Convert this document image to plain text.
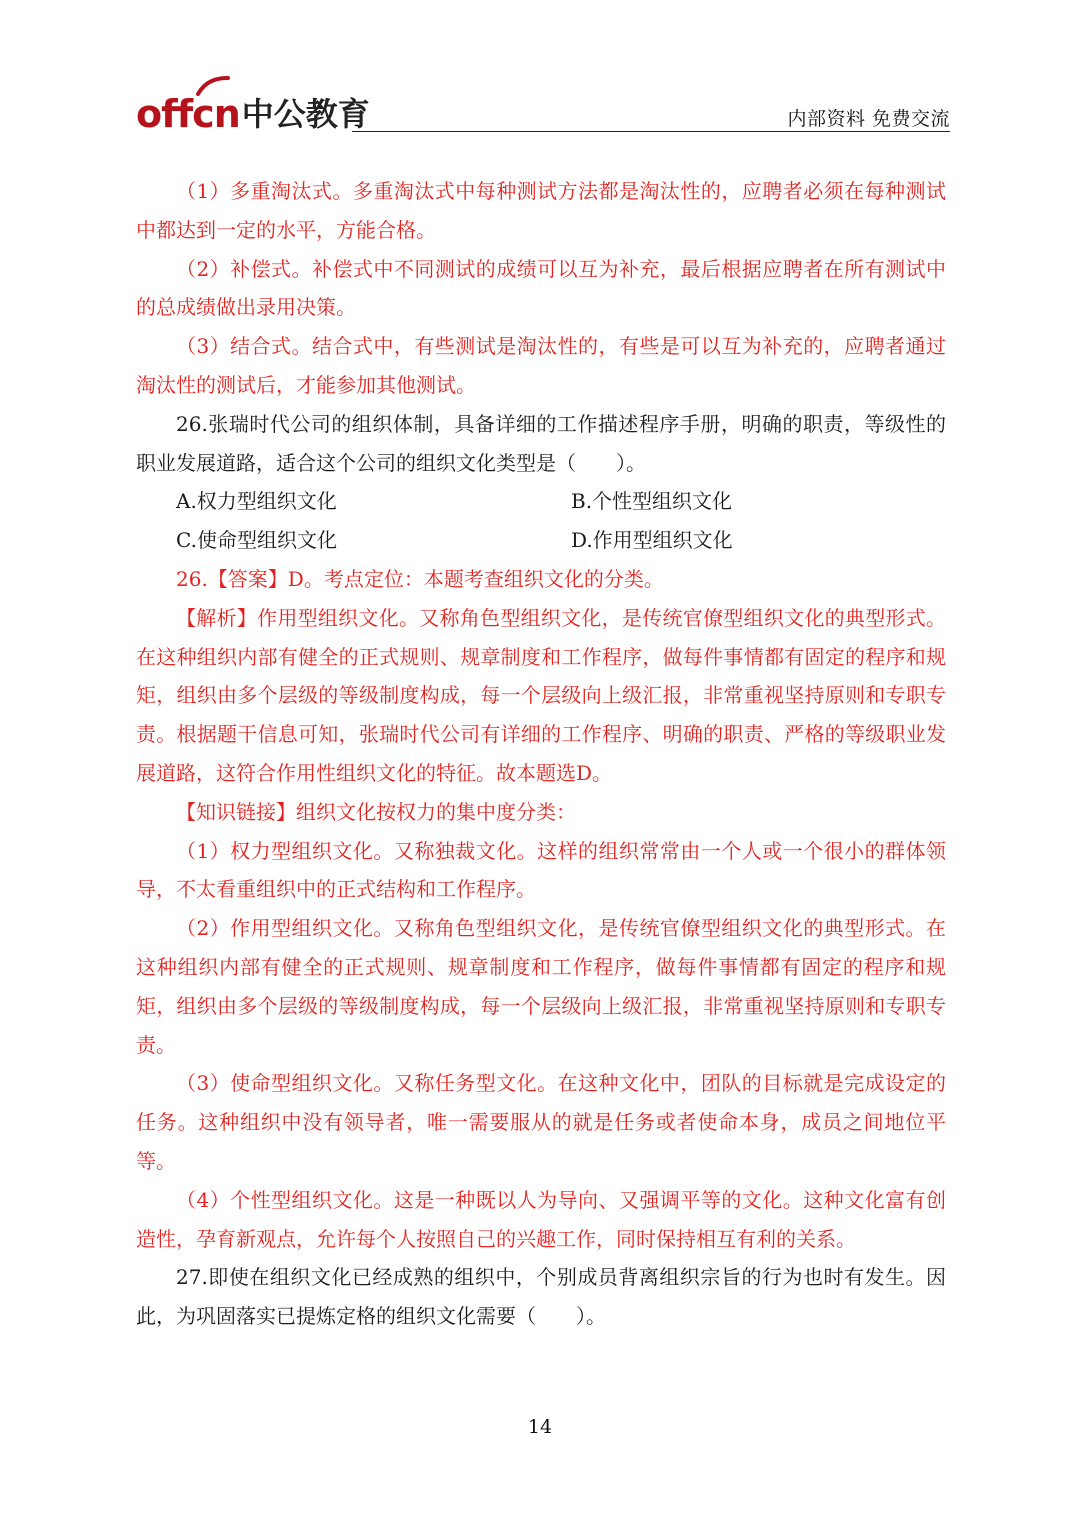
offcn 中公教育	内部资料 免费交流

（1）多重淘汰式。多重淘汰式中每种测试方法都是淘汰性的，应聘者必须在每种测试中都达到一定的水平，方能合格。

（2）补偿式。补偿式中不同测试的成绩可以互为补充，最后根据应聘者在所有测试中的总成绩做出录用决策。

（3）结合式。结合式中，有些测试是淘汰性的，有些是可以互为补充的，应聘者通过淘汰性的测试后，才能参加其他测试。

26.张瑞时代公司的组织体制，具备详细的工作描述程序手册，明确的职责，等级性的职业发展道路，适合这个公司的组织文化类型是（　　）。

A.权力型组织文化	B.个性型组织文化
C.使命型组织文化	D.作用型组织文化

26.【答案】D。考点定位：本题考查组织文化的分类。

【解析】作用型组织文化。又称角色型组织文化，是传统官僚型组织文化的典型形式。在这种组织内部有健全的正式规则、规章制度和工作程序，做每件事情都有固定的程序和规矩，组织由多个层级的等级制度构成，每一个层级向上级汇报，非常重视坚持原则和专职专责。根据题干信息可知，张瑞时代公司有详细的工作程序、明确的职责、严格的等级职业发展道路，这符合作用性组织文化的特征。故本题选D。

【知识链接】组织文化按权力的集中度分类：

（1）权力型组织文化。又称独裁文化。这样的组织常常由一个人或一个很小的群体领导，不太看重组织中的正式结构和工作程序。

（2）作用型组织文化。又称角色型组织文化，是传统官僚型组织文化的典型形式。在这种组织内部有健全的正式规则、规章制度和工作程序，做每件事情都有固定的程序和规矩，组织由多个层级的等级制度构成，每一个层级向上级汇报，非常重视坚持原则和专职专责。

（3）使命型组织文化。又称任务型文化。在这种文化中，团队的目标就是完成设定的任务。这种组织中没有领导者，唯一需要服从的就是任务或者使命本身，成员之间地位平等。

（4）个性型组织文化。这是一种既以人为导向、又强调平等的文化。这种文化富有创造性，孕育新观点，允许每个人按照自己的兴趣工作，同时保持相互有利的关系。

27.即使在组织文化已经成熟的组织中，个别成员背离组织宗旨的行为也时有发生。因此，为巩固落实已提炼定格的组织文化需要（　　）。

14
